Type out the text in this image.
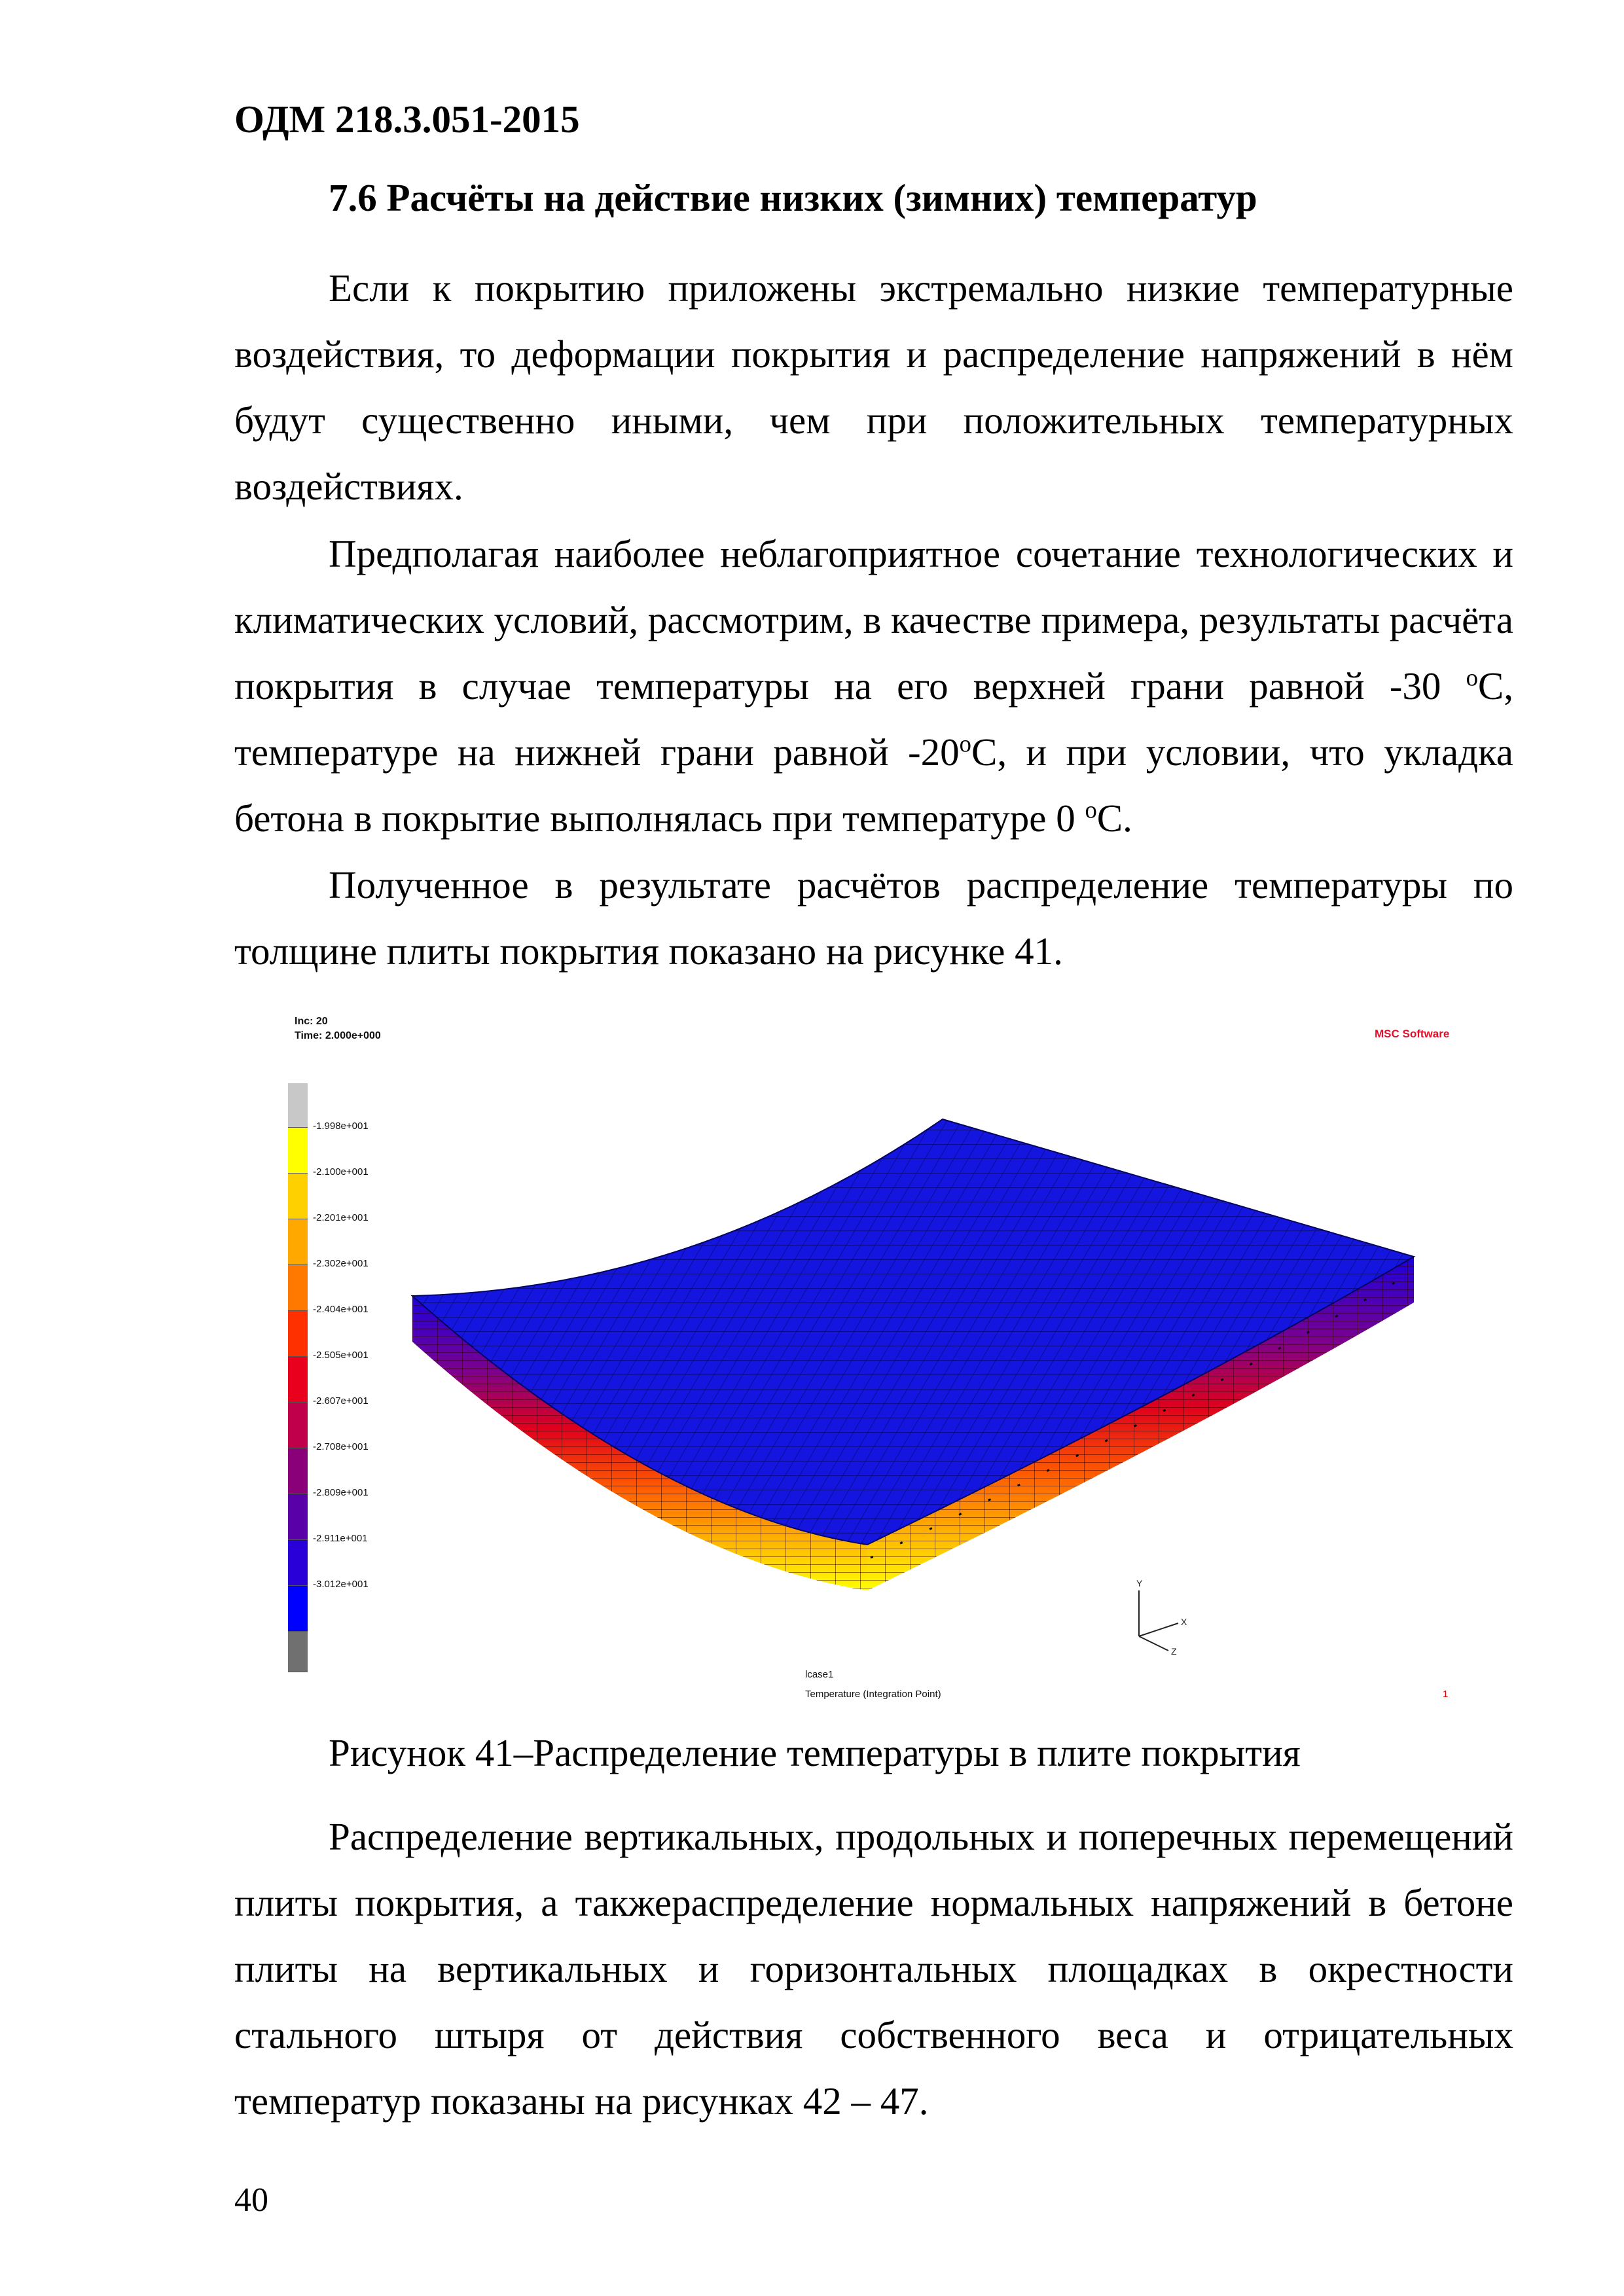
ОДМ 218.3.051-2015
7.6 Расчёты на действие низких (зимних) температур

Если к покрытию приложены экстремально низкие температурные воздействия, то деформации покрытия и распределение напряжений в нём будут существенно иными, чем при положительных температурных воздействиях.

Предполагая наиболее неблагоприятное сочетание технологических и климатических условий, рассмотрим, в качестве примера, результаты расчёта покрытия в случае температуры на его верхней грани равной -30 $^o$С, температуре на нижней грани равной -20$^o$С, и при условии, что укладка бетона в покрытие выполнялась при температуре 0 $^o$С.

Полученное в результате расчётов распределение температуры по толщине плиты покрытия показано на рисунке 41.

Inc: 20
Time: 2.000e+000	MSC Software
-1.998e+001
-2.100e+001
-2.201e+001
-2.302e+001
-2.404e+001
-2.505e+001
-2.607e+001
-2.708e+001
-2.809e+001
-2.911e+001
-3.012e+001	Y
X
Z
lcase1
Temperature (Integration Point)	1
Рисунок 41–Распределение температуры в плите покрытия

Распределение вертикальных, продольных и поперечных перемещений плиты покрытия, а такжераспределение нормальных напряжений в бетоне плиты на вертикальных и горизонтальных площадках в окрестности стального штыря от действия собственного веса и отрицательных температур показаны на рисунках 42 – 47.

40
